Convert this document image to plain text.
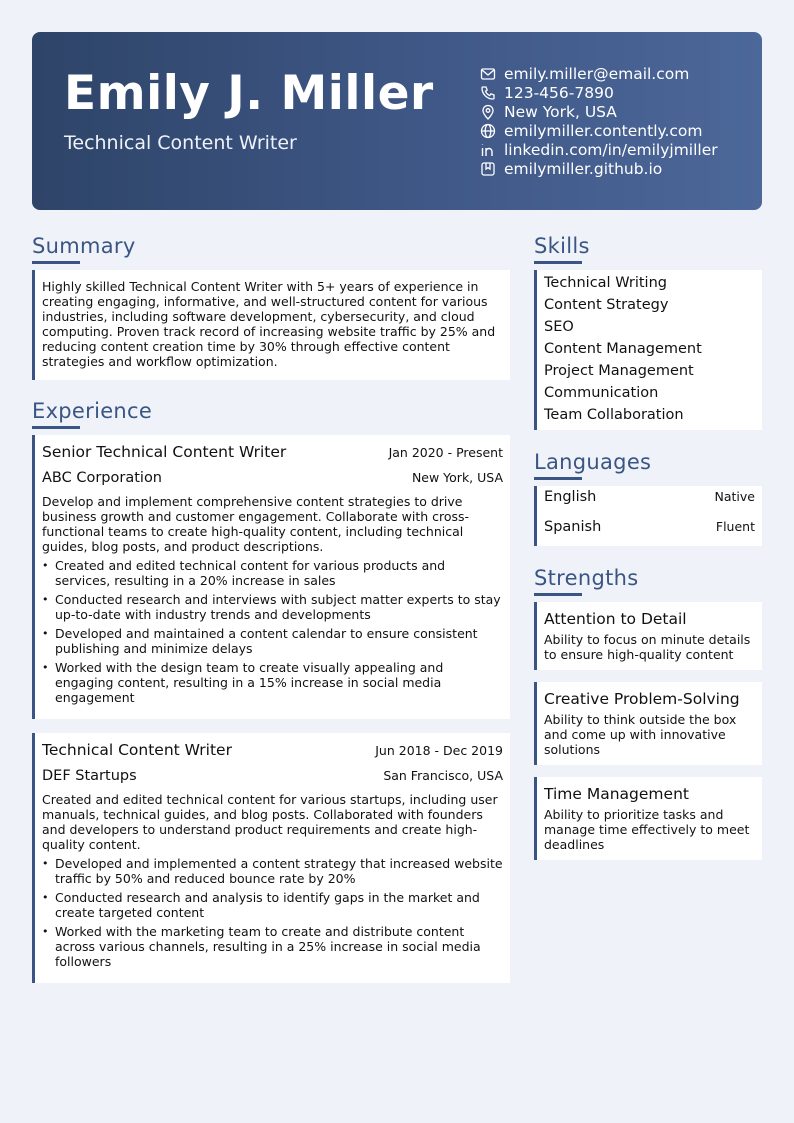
Emily J. Miller
Technical Content Writer
emily.miller@email.com
123-456-7890
New York, USA
emilymiller.contently.com
linkedin.com/in/emilyjmiller
emilymiller.github.io
Summary
Highly skilled Technical Content Writer with 5+ years of experience in creating engaging, informative, and well-structured content for various industries, including software development, cybersecurity, and cloud computing. Proven track record of increasing website traffic by 25% and reducing content creation time by 30% through effective content strategies and workflow optimization.
Experience
Senior Technical Content Writer	Jan 2020 - Present
ABC Corporation	New York, USA
Develop and implement comprehensive content strategies to drive business growth and customer engagement. Collaborate with cross-functional teams to create high-quality content, including technical guides, blog posts, and product descriptions.
• Created and edited technical content for various products and services, resulting in a 20% increase in sales
• Conducted research and interviews with subject matter experts to stay up-to-date with industry trends and developments
• Developed and maintained a content calendar to ensure consistent publishing and minimize delays
• Worked with the design team to create visually appealing and engaging content, resulting in a 15% increase in social media engagement
Technical Content Writer	Jun 2018 - Dec 2019
DEF Startups	San Francisco, USA
Created and edited technical content for various startups, including user manuals, technical guides, and blog posts. Collaborated with founders and developers to understand product requirements and create high-quality content.
• Developed and implemented a content strategy that increased website traffic by 50% and reduced bounce rate by 20%
• Conducted research and analysis to identify gaps in the market and create targeted content
• Worked with the marketing team to create and distribute content across various channels, resulting in a 25% increase in social media followers
Skills
Technical Writing
Content Strategy
SEO
Content Management
Project Management
Communication
Team Collaboration
Languages
English	Native
Spanish	Fluent
Strengths
Attention to Detail
Ability to focus on minute details to ensure high-quality content
Creative Problem-Solving
Ability to think outside the box and come up with innovative solutions
Time Management
Ability to prioritize tasks and manage time effectively to meet deadlines
